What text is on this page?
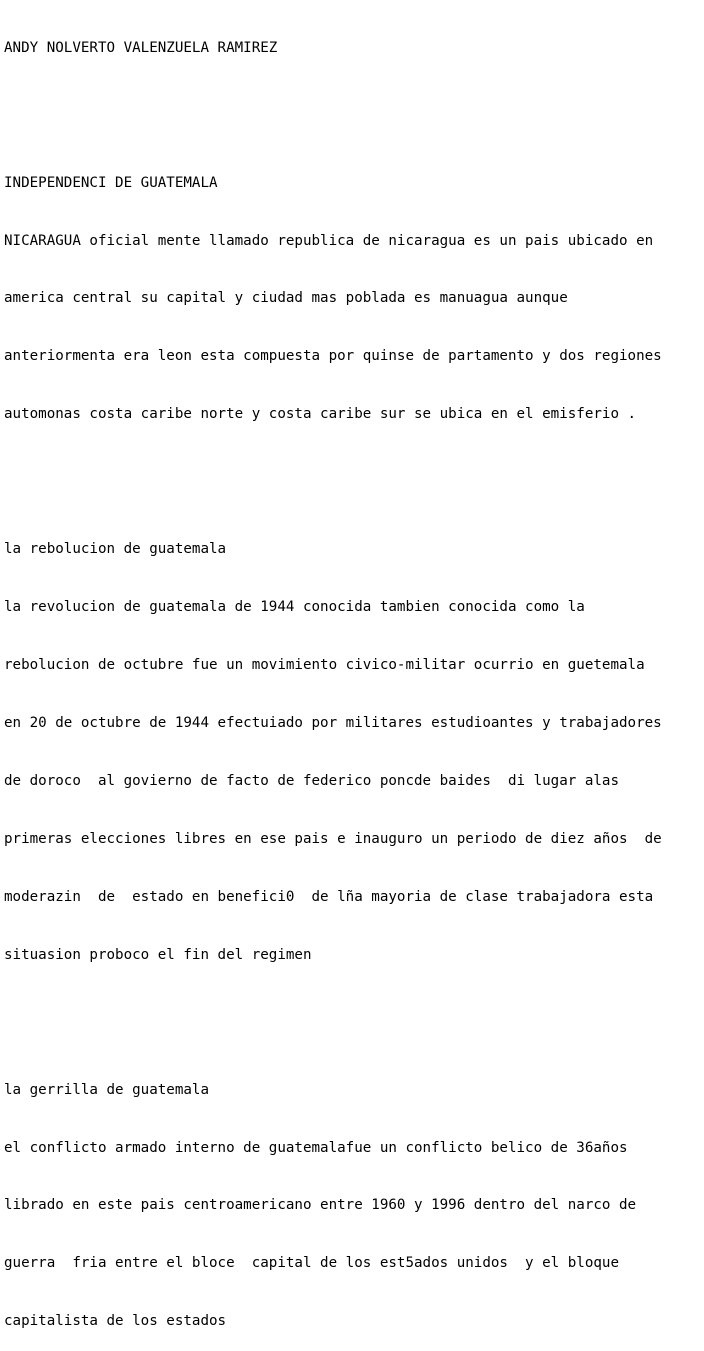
ANDY NOLVERTO VALENZUELA RAMIREZ

INDEPENDENCI DE GUATEMALA

NICARAGUA oficial mente llamado republica de nicaragua es un pais ubicado en

america central su capital y ciudad mas poblada es manuagua aunque

anteriormenta era leon esta compuesta por quinse de partamento y dos regiones

automonas costa caribe norte y costa caribe sur se ubica en el emisferio .

la rebolucion de guatemala

la revolucion de guatemala de 1944 conocida tambien conocida como la

rebolucion de octubre fue un movimiento civico-militar ocurrio en guetemala

en 20 de octubre de 1944 efectuiado por militares estudioantes y trabajadores

de doroco  al govierno de facto de federico poncde baides  di lugar alas

primeras elecciones libres en ese pais e inauguro un periodo de diez años  de

moderazin  de  estado en benefici0  de lña mayoria de clase trabajadora esta

situasion proboco el fin del regimen

la gerrilla de guatemala

el conflicto armado interno de guatemalafue un conflicto belico de 36años

librado en este pais centroamericano entre 1960 y 1996 dentro del narco de

guerra  fria entre el bloce  capital de los est5ados unidos  y el bloque

capitalista de los estados
